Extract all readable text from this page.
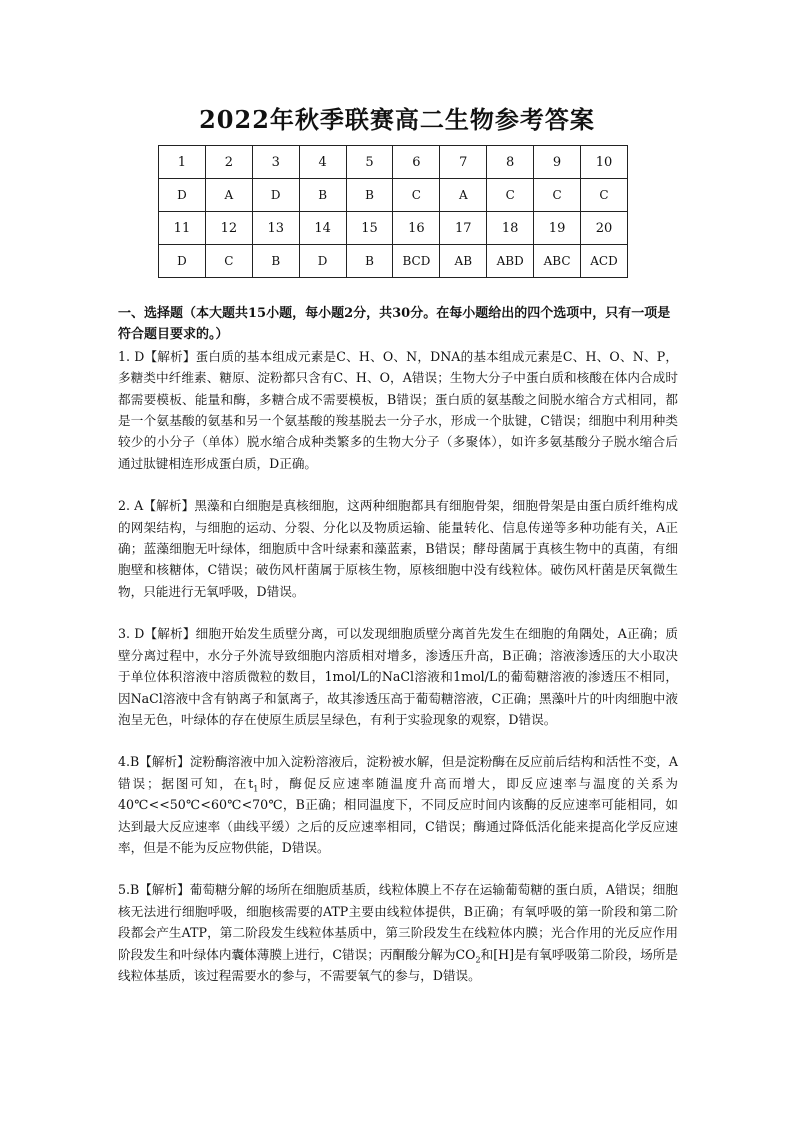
2022年秋季联赛高二生物参考答案
1	2	3	4	5	6	7	8	9	10
D	A	D	B	B	C	A	C	C	C
11	12	13	14	15	16	17	18	19	20
D	C	B	D	B	BCD	AB	ABD	ABC	ACD

一、选择题（本大题共15小题，每小题2分，共30分。在每小题给出的四个选项中，只有一项是符合题目要求的。）

1. D【解析】蛋白质的基本组成元素是C、H、O、N，DNA的基本组成元素是C、H、O、N、P，多糖类中纤维素、糖原、淀粉都只含有C、H、O，A错误；生物大分子中蛋白质和核酸在体内合成时都需要模板、能量和酶，多糖合成不需要模板，B错误；蛋白质的氨基酸之间脱水缩合方式相同，都是一个氨基酸的氨基和另一个氨基酸的羧基脱去一分子水，形成一个肽键，C错误；细胞中利用种类较少的小分子（单体）脱水缩合成种类繁多的生物大分子（多聚体），如许多氨基酸分子脱水缩合后通过肽键相连形成蛋白质，D正确。

2. A【解析】黑藻和白细胞是真核细胞，这两种细胞都具有细胞骨架，细胞骨架是由蛋白质纤维构成的网架结构，与细胞的运动、分裂、分化以及物质运输、能量转化、信息传递等多种功能有关，A正确；蓝藻细胞无叶绿体，细胞质中含叶绿素和藻蓝素，B错误；酵母菌属于真核生物中的真菌，有细胞壁和核糖体，C错误；破伤风杆菌属于原核生物，原核细胞中没有线粒体。破伤风杆菌是厌氧微生物，只能进行无氧呼吸，D错误。

3. D【解析】细胞开始发生质壁分离，可以发现细胞质壁分离首先发生在细胞的角隅处，A正确；质壁分离过程中，水分子外流导致细胞内溶质相对增多，渗透压升高，B正确；溶液渗透压的大小取决于单位体积溶液中溶质微粒的数目，1mol/L的NaCl溶液和1mol/L的葡萄糖溶液的渗透压不相同，因NaCl溶液中含有钠离子和氯离子，故其渗透压高于葡萄糖溶液，C正确；黑藻叶片的叶肉细胞中液泡呈无色，叶绿体的存在使原生质层呈绿色，有利于实验现象的观察，D错误。

4.B【解析】淀粉酶溶液中加入淀粉溶液后，淀粉被水解，但是淀粉酶在反应前后结构和活性不变，A错误；据图可知，在$t_1$时，酶促反应速率随温度升高而增大，即反应速率与温度的关系为40℃<<50℃<60℃<70℃，B正确；相同温度下，不同反应时间内该酶的反应速率可能相同，如达到最大反应速率（曲线平缓）之后的反应速率相同，C错误；酶通过降低活化能来提高化学反应速率，但是不能为反应物供能，D错误。

5.B【解析】葡萄糖分解的场所在细胞质基质，线粒体膜上不存在运输葡萄糖的蛋白质，A错误；细胞核无法进行细胞呼吸，细胞核需要的ATP主要由线粒体提供，B正确；有氧呼吸的第一阶段和第二阶段都会产生ATP，第二阶段发生线粒体基质中，第三阶段发生在线粒体内膜；光合作用的光反应作用阶段发生和叶绿体内囊体薄膜上进行，C错误；丙酮酸分解为$CO_2$和[H]是有氧呼吸第二阶段，场所是线粒体基质，该过程需要水的参与，不需要氧气的参与，D错误。
